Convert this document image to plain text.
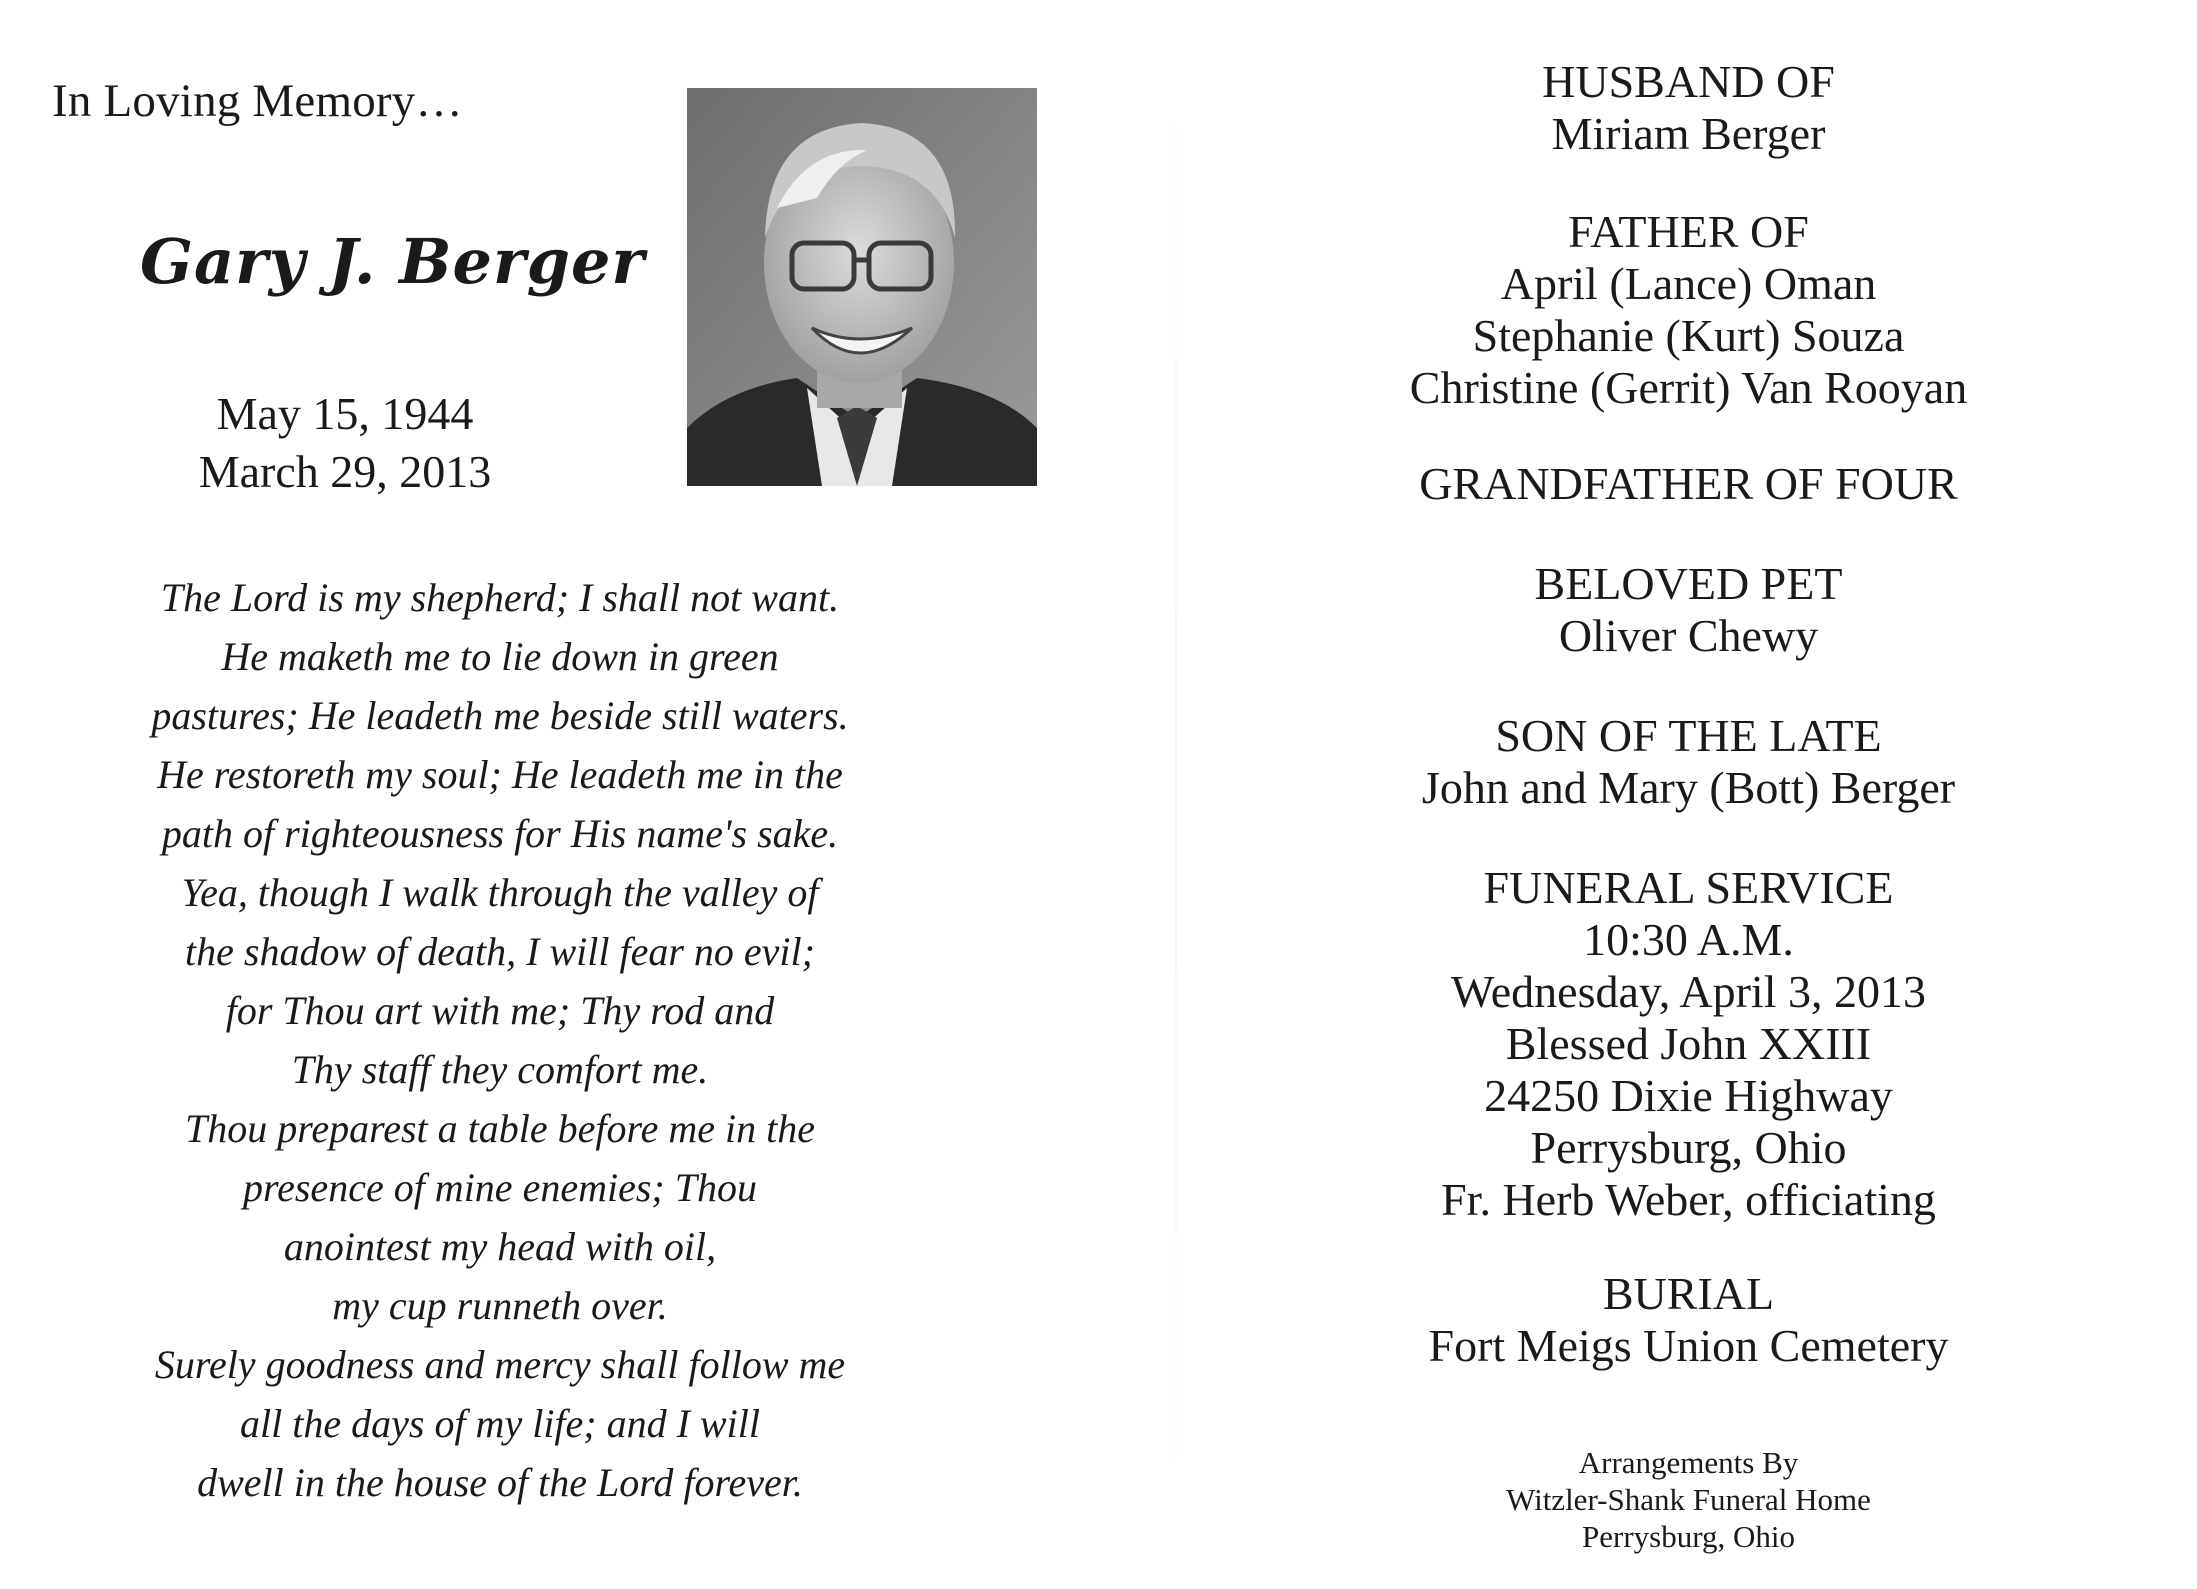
In Loving Memory…
Gary J. Berger
May 15, 1944
March 29, 2013
The Lord is my shepherd; I shall not want.
He maketh me to lie down in green
pastures; He leadeth me beside still waters.
He restoreth my soul; He leadeth me in the
path of righteousness for His name's sake.
Yea, though I walk through the valley of
the shadow of death, I will fear no evil;
for Thou art with me; Thy rod and
Thy staff they comfort me.
Thou preparest a table before me in the
presence of mine enemies; Thou
anointest my head with oil,
my cup runneth over.
Surely goodness and mercy shall follow me
all the days of my life; and I will
dwell in the house of the Lord forever.
HUSBAND OF
Miriam Berger
FATHER OF
April (Lance) Oman
Stephanie (Kurt) Souza
Christine (Gerrit) Van Rooyan
GRANDFATHER OF FOUR
BELOVED PET
Oliver Chewy
SON OF THE LATE
John and Mary (Bott) Berger
FUNERAL SERVICE
10:30 A.M.
Wednesday, April 3, 2013
Blessed John XXIII
24250 Dixie Highway
Perrysburg, Ohio
Fr. Herb Weber, officiating
BURIAL
Fort Meigs Union Cemetery
Arrangements By
Witzler-Shank Funeral Home
Perrysburg, Ohio
